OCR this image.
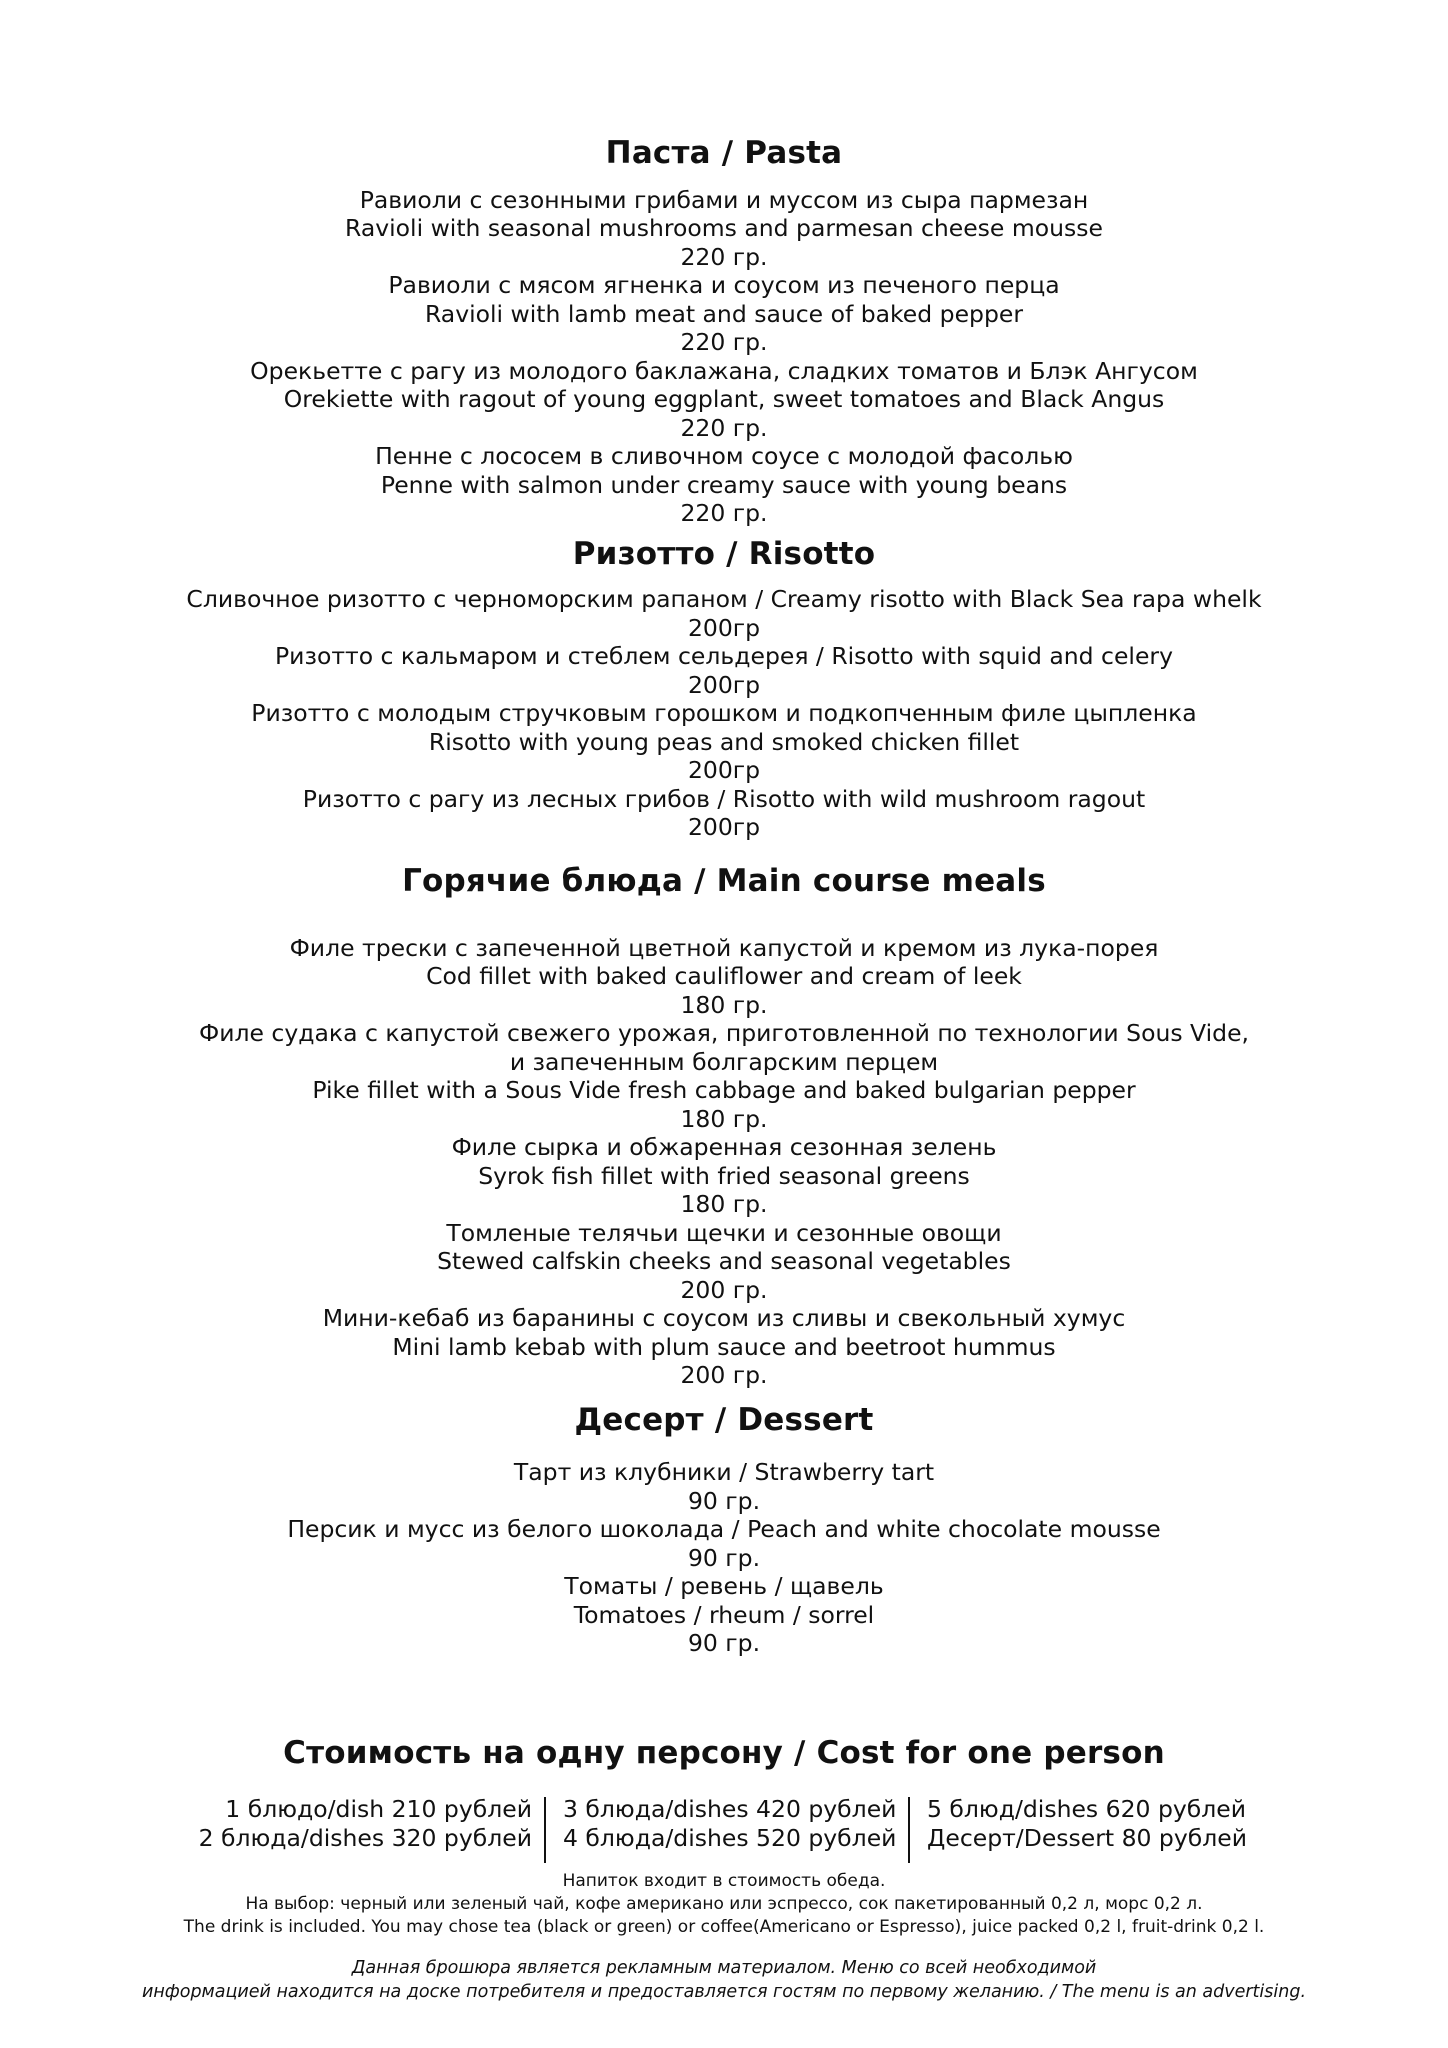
Паста / Pasta
Равиоли с сезонными грибами и муссом из сыра пармезан
Ravioli with seasonal mushrooms and parmesan cheese mousse
220 гр.
Равиоли с мясом ягненка и соусом из печеного перца
Ravioli with lamb meat and sauce of baked pepper
220 гр.
Орекьетте с рагу из молодого баклажана, сладких томатов и Блэк Ангусом
Orekiette with ragout of young eggplant, sweet tomatoes and Black Angus
220 гр.
Пенне с лососем в сливочном соусе с молодой фасолью
Penne with salmon under creamy sauce with young beans
220 гр.
Ризотто / Risotto
Сливочное ризотто с черноморским рапаном / Creamy risotto with Black Sea rapa whelk
200гр
Ризотто с кальмаром и стеблем сельдерея / Risotto with squid and celery
200гр
Ризотто с молодым стручковым горошком и подкопченным филе цыпленка
Risotto with young peas and smoked chicken fillet
200гр
Ризотто с рагу из лесных грибов / Risotto with wild mushroom ragout
200гр
Горячие блюда / Main course meals
Филе трески с запеченной цветной капустой и кремом из лука-порея
Cod fillet with baked cauliflower and cream of leek
180 гр.
Филе судака с капустой свежего урожая, приготовленной по технологии Sous Vide,
и запеченным болгарским перцем
Pike fillet with a Sous Vide fresh cabbage and baked bulgarian pepper
180 гр.
Филе сырка и обжаренная сезонная зелень
Syrok fish fillet with fried seasonal greens
180 гр.
Томленые телячьи щечки и сезонные овощи
Stewed calfskin cheeks and seasonal vegetables
200 гр.
Мини-кебаб из баранины с соусом из сливы и свекольный хумус
Mini lamb kebab with plum sauce and beetroot hummus
200 гр.
Десерт / Dessert
Тарт из клубники / Strawberry tart
90 гр.
Персик и мусс из белого шоколада / Peach and white chocolate mousse
90 гр.
Томаты / ревень / щавель
Tomatoes / rheum / sorrel
90 гр.
Стоимость на одну персону / Cost for one person
1 блюдо/dish 210 рублей
2 блюда/dishes 320 рублей
3 блюда/dishes 420 рублей
4 блюда/dishes 520 рублей
5 блюд/dishes 620 рублей
Десерт/Dessert 80 рублей
Напиток входит в стоимость обеда.
На выбор: черный или зеленый чай, кофе американо или эспрессо, сок пакетированный 0,2 л, морс 0,2 л.
The drink is included. You may chose tea (black or green) or coffee(Americano or Espresso), juice packed 0,2 l, fruit-drink 0,2 l.
Данная брошюра является рекламным материалом. Меню со всей необходимой
информацией находится на доске потребителя и предоставляется гостям по первому желанию. / The menu is an advertising.
